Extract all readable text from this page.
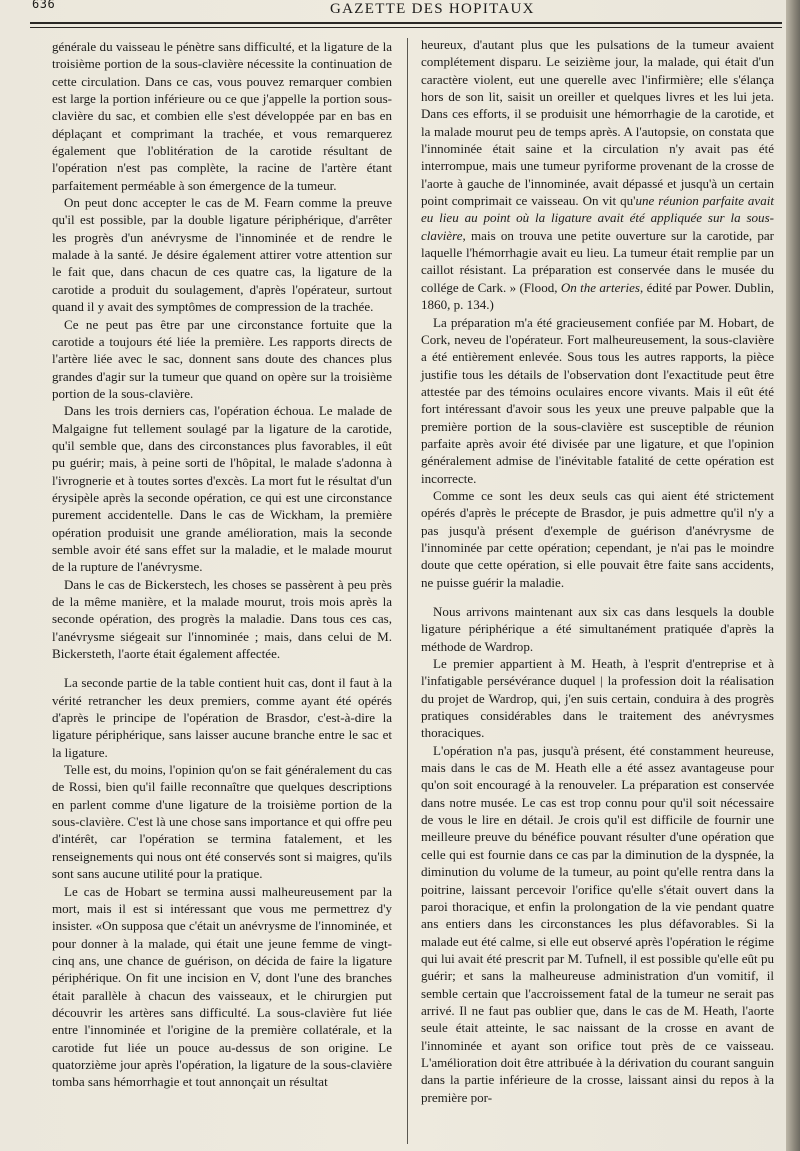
636	GAZETTE DES HOPITAUX

générale du vaisseau le pénètre sans difficulté, et la ligature de la troisième portion de la sous-clavière nécessite la continuation de cette circulation. Dans ce cas, vous pouvez remarquer combien est large la portion inférieure ou ce que j'appelle la portion sous-clavière du sac, et combien elle s'est développée par en bas en déplaçant et comprimant la trachée, et vous remarquerez également que l'oblitération de la carotide résultant de l'opération n'est pas complète, la racine de l'artère étant parfaitement perméable à son émergence de la tumeur.

On peut donc accepter le cas de M. Fearn comme la preuve qu'il est possible, par la double ligature périphérique, d'arrêter les progrès d'un anévrysme de l'innominée et de rendre le malade à la santé. Je désire également attirer votre attention sur le fait que, dans chacun de ces quatre cas, la ligature de la carotide a produit du soulagement, d'après l'opérateur, surtout quand il y avait des symptômes de compression de la trachée.

Ce ne peut pas être par une circonstance fortuite que la carotide a toujours été liée la première. Les rapports directs de l'artère liée avec le sac, donnent sans doute des chances plus grandes d'agir sur la tumeur que quand on opère sur la troisième portion de la sous-clavière.

Dans les trois derniers cas, l'opération échoua. Le malade de Malgaigne fut tellement soulagé par la ligature de la carotide, qu'il semble que, dans des circonstances plus favorables, il eût pu guérir; mais, à peine sorti de l'hôpital, le malade s'adonna à l'ivrognerie et à toutes sortes d'excès. La mort fut le résultat d'un érysipèle après la seconde opération, ce qui est une circonstance purement accidentelle. Dans le cas de Wickham, la première opération produisit une grande amélioration, mais la seconde semble avoir été sans effet sur la maladie, et le malade mourut de la rupture de l'anévrysme.

Dans le cas de Bickerstech, les choses se passèrent à peu près de la même manière, et la malade mourut, trois mois après la seconde opération, des progrès la maladie. Dans tous ces cas, l'anévrysme siégeait sur l'innominée ; mais, dans celui de M. Bickersteth, l'aorte était également affectée.

La seconde partie de la table contient huit cas, dont il faut à la vérité retrancher les deux premiers, comme ayant été opérés d'après le principe de l'opération de Brasdor, c'est-à-dire la ligature périphérique, sans laisser aucune branche entre le sac et la ligature.

Telle est, du moins, l'opinion qu'on se fait généralement du cas de Rossi, bien qu'il faille reconnaître que quelques descriptions en parlent comme d'une ligature de la troisième portion de la sous-clavière. C'est là une chose sans importance et qui offre peu d'intérêt, car l'opération se termina fatalement, et les renseignements qui nous ont été conservés sont si maigres, qu'ils sont sans aucune utilité pour la pratique.

Le cas de Hobart se termina aussi malheureusement par la mort, mais il est si intéressant que vous me permettrez d'y insister. «On supposa que c'était un anévrysme de l'innominée, et pour donner à la malade, qui était une jeune femme de vingt-cinq ans, une chance de guérison, on décida de faire la ligature périphérique. On fit une incision en V, dont l'une des branches était parallèle à chacun des vaisseaux, et le chirurgien put découvrir les artères sans difficulté. La sous-clavière fut liée entre l'innominée et l'origine de la première collatérale, et la carotide fut liée un pouce au-dessus de son origine. Le quatorzième jour après l'opération, la ligature de la sous-clavière tomba sans hémorrhagie et tout annonçait un résultat

heureux, d'autant plus que les pulsations de la tumeur avaient complétement disparu. Le seizième jour, la malade, qui était d'un caractère violent, eut une querelle avec l'infirmière; elle s'élança hors de son lit, saisit un oreiller et quelques livres et les lui jeta. Dans ces efforts, il se produisit une hémorrhagie de la carotide, et la malade mourut peu de temps après. A l'autopsie, on constata que l'innominée était saine et la circulation n'y avait pas été interrompue, mais une tumeur pyriforme provenant de la crosse de l'aorte à gauche de l'innominée, avait dépassé et jusqu'à un certain point comprimait ce vaisseau. On vit qu'une réunion parfaite avait eu lieu au point où la ligature avait été appliquée sur la sous-clavière, mais on trouva une petite ouverture sur la carotide, par laquelle l'hémorrhagie avait eu lieu. La tumeur était remplie par un caillot résistant. La préparation est conservée dans le musée du collége de Cark. » (Flood, On the arteries, édité par Power. Dublin, 1860, p. 134.)

La préparation m'a été gracieusement confiée par M. Hobart, de Cork, neveu de l'opérateur. Fort malheureusement, la sous-clavière a été entièrement enlevée. Sous tous les autres rapports, la pièce justifie tous les détails de l'observation dont l'exactitude peut être attestée par des témoins oculaires encore vivants. Mais il eût été fort intéressant d'avoir sous les yeux une preuve palpable que la première portion de la sous-clavière est susceptible de réunion parfaite après avoir été divisée par une ligature, et que l'opinion généralement admise de l'inévitable fatalité de cette opération est incorrecte.

Comme ce sont les deux seuls cas qui aient été strictement opérés d'après le précepte de Brasdor, je puis admettre qu'il n'y a pas jusqu'à présent d'exemple de guérison d'anévrysme de l'innominée par cette opération; cependant, je n'ai pas le moindre doute que cette opération, si elle pouvait être faite sans accidents, ne puisse guérir la maladie.

Nous arrivons maintenant aux six cas dans lesquels la double ligature périphérique a été simultanément pratiquée d'après la méthode de Wardrop.

Le premier appartient à M. Heath, à l'esprit d'entreprise et à l'infatigable persévérance duquel | la profession doit la réalisation du projet de Wardrop, qui, j'en suis certain, conduira à des progrès pratiques considérables dans le traitement des anévrysmes thoraciques.

L'opération n'a pas, jusqu'à présent, été constamment heureuse, mais dans le cas de M. Heath elle a été assez avantageuse pour qu'on soit encouragé à la renouveler. La préparation est conservée dans notre musée. Le cas est trop connu pour qu'il soit nécessaire de vous le lire en détail. Je crois qu'il est difficile de fournir une meilleure preuve du bénéfice pouvant résulter d'une opération que celle qui est fournie dans ce cas par la diminution de la dyspnée, la diminution du volume de la tumeur, au point qu'elle rentra dans la poitrine, laissant percevoir l'orifice qu'elle s'était ouvert dans la paroi thoracique, et enfin la prolongation de la vie pendant quatre ans entiers dans les circonstances les plus défavorables. Si la malade eut été calme, si elle eut observé après l'opération le régime qui lui avait été prescrit par M. Tufnell, il est possible qu'elle eût pu guérir; et sans la malheureuse administration d'un vomitif, il semble certain que l'accroissement fatal de la tumeur ne serait pas arrivé. Il ne faut pas oublier que, dans le cas de M. Heath, l'aorte seule était atteinte, le sac naissant de la crosse en avant de l'innominée et ayant son orifice tout près de ce vaisseau. L'amélioration doit être attribuée à la dérivation du courant sanguin dans la partie inférieure de la crosse, laissant ainsi du repos à la première por-
